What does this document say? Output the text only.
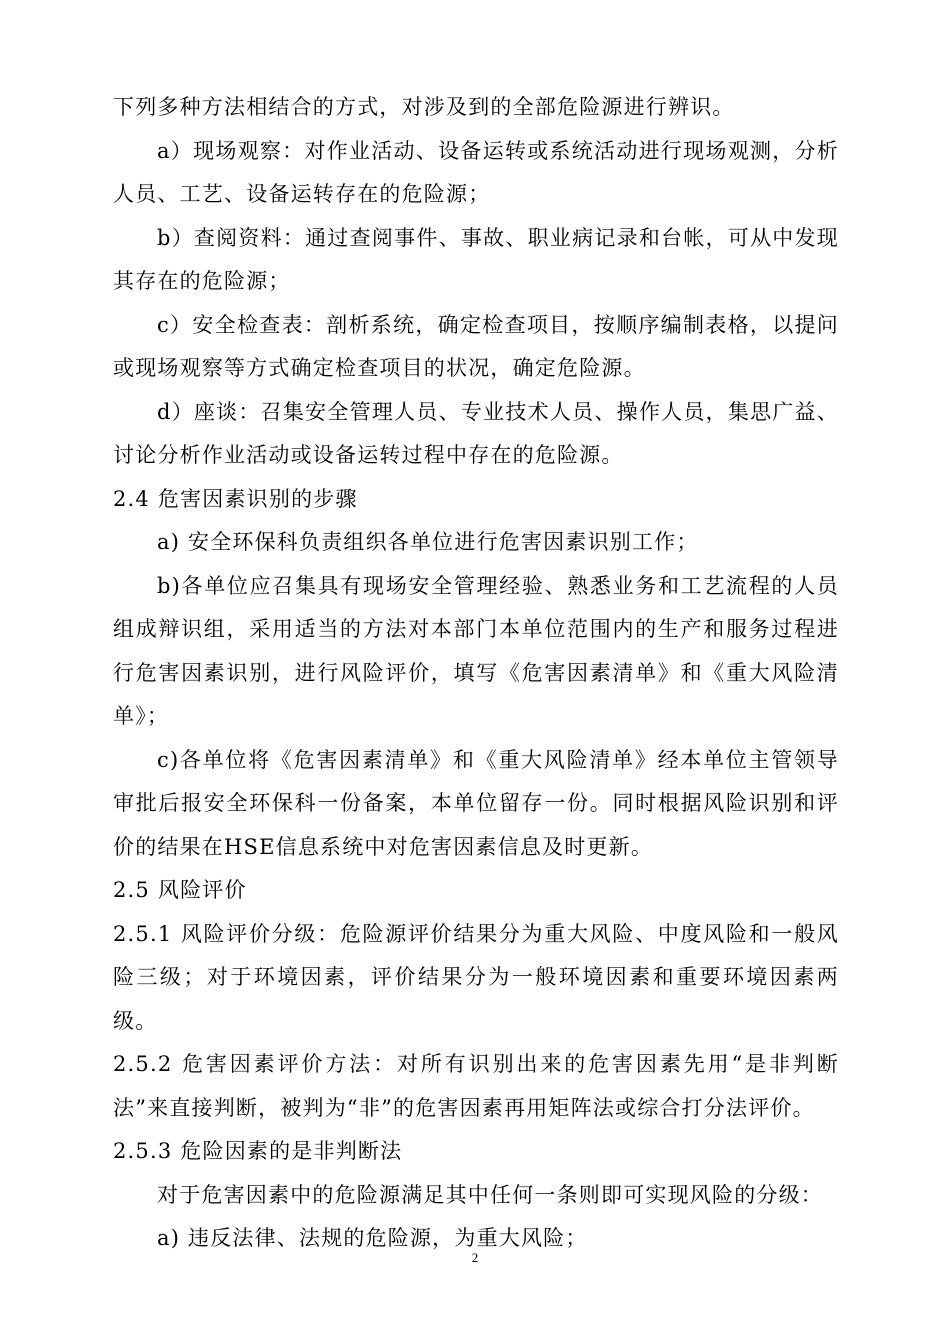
下列多种方法相结合的方式，对涉及到的全部危险源进行辨识。

a）现场观察：对作业活动、设备运转或系统活动进行现场观测，分析人员、工艺、设备运转存在的危险源；

b）查阅资料：通过查阅事件、事故、职业病记录和台帐，可从中发现其存在的危险源；

c）安全检查表：剖析系统，确定检查项目，按顺序编制表格，以提问或现场观察等方式确定检查项目的状况，确定危险源。

d）座谈：召集安全管理人员、专业技术人员、操作人员，集思广益、讨论分析作业活动或设备运转过程中存在的危险源。

2.4 危害因素识别的步骤

a) 安全环保科负责组织各单位进行危害因素识别工作；

b)各单位应召集具有现场安全管理经验、熟悉业务和工艺流程的人员组成辩识组，采用适当的方法对本部门本单位范围内的生产和服务过程进行危害因素识别，进行风险评价，填写《危害因素清单》和《重大风险清单》；

c)各单位将《危害因素清单》和《重大风险清单》经本单位主管领导审批后报安全环保科一份备案，本单位留存一份。同时根据风险识别和评价的结果在HSE信息系统中对危害因素信息及时更新。

2.5 风险评价

2.5.1 风险评价分级：危险源评价结果分为重大风险、中度风险和一般风险三级；对于环境因素，评价结果分为一般环境因素和重要环境因素两级。

2.5.2 危害因素评价方法：对所有识别出来的危害因素先用“是非判断法”来直接判断，被判为“非”的危害因素再用矩阵法或综合打分法评价。

2.5.3 危险因素的是非判断法

对于危害因素中的危险源满足其中任何一条则即可实现风险的分级：

a) 违反法律、法规的危险源，为重大风险；

2
